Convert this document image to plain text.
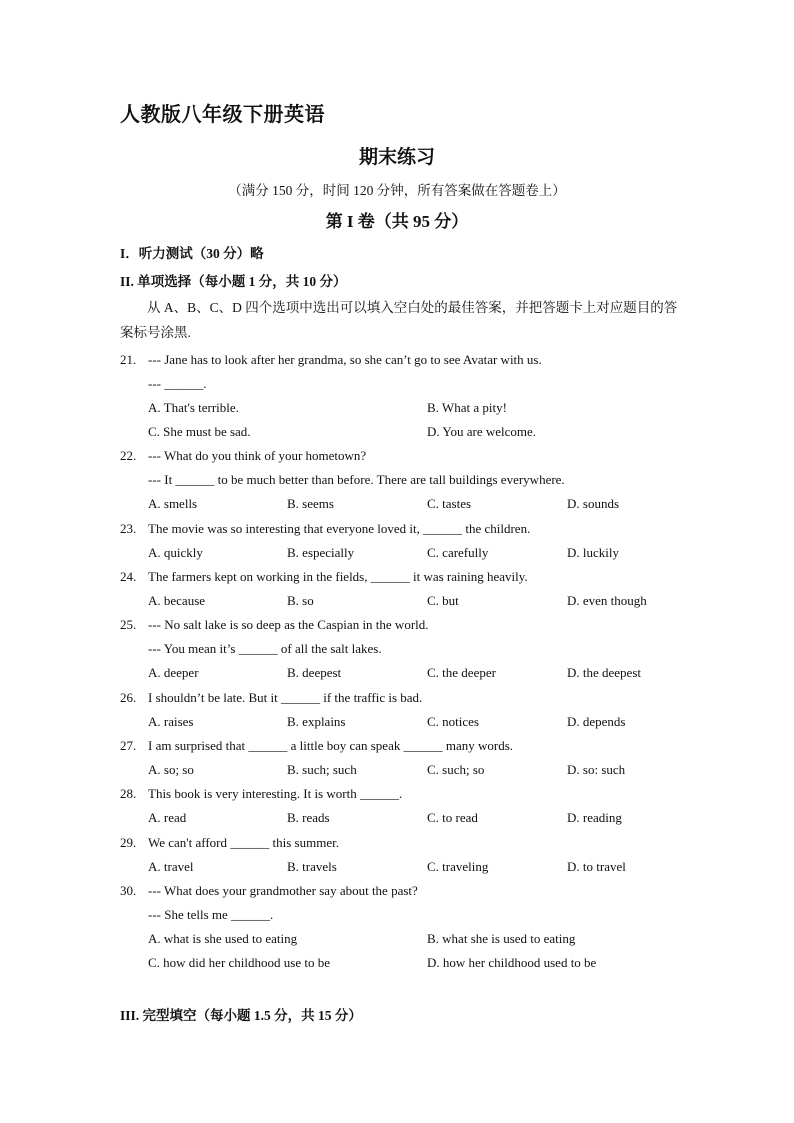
人教版八年级下册英语
期末练习
（满分 150 分，时间 120 分钟，所有答案做在答题卷上）
第 I 卷（共 95 分）
I．听力测试（30 分）略
II. 单项选择（每小题 1 分，共 10 分）
从 A、B、C、D 四个选项中选出可以填入空白处的最佳答案，并把答题卡上对应题目的答案标号涂黑.
21. --- Jane has to look after her grandma, so she can’t go to see Avatar with us.
--- ______.
A. That's terrible.	B. What a pity!
C. She must be sad.	D. You are welcome.
22. --- What do you think of your hometown?
--- It ______ to be much better than before. There are tall buildings everywhere.
A. smells	B. seems	C. tastes	D. sounds
23. The movie was so interesting that everyone loved it, ______ the children.
A. quickly	B. especially	C. carefully	D. luckily
24. The farmers kept on working in the fields, ______ it was raining heavily.
A. because	B. so	C. but	D. even though
25. --- No salt lake is so deep as the Caspian in the world.
--- You mean it’s ______ of all the salt lakes.
A. deeper	B. deepest	C. the deeper	D. the deepest
26. I shouldn’t be late. But it ______ if the traffic is bad.
A. raises	B. explains	C. notices	D. depends
27. I am surprised that ______ a little boy can speak ______ many words.
A. so; so	B. such; such	C. such; so	D. so: such
28. This book is very interesting. It is worth ______.
A. read	B. reads	C. to read	D. reading
29. We can't afford ______ this summer.
A. travel	B. travels	C. traveling	D. to travel
30. --- What does your grandmother say about the past?
--- She tells me ______.
A. what is she used to eating	B. what she is used to eating
C. how did her childhood use to be	D. how her childhood used to be
III. 完型填空（每小题 1.5 分，共 15 分）
